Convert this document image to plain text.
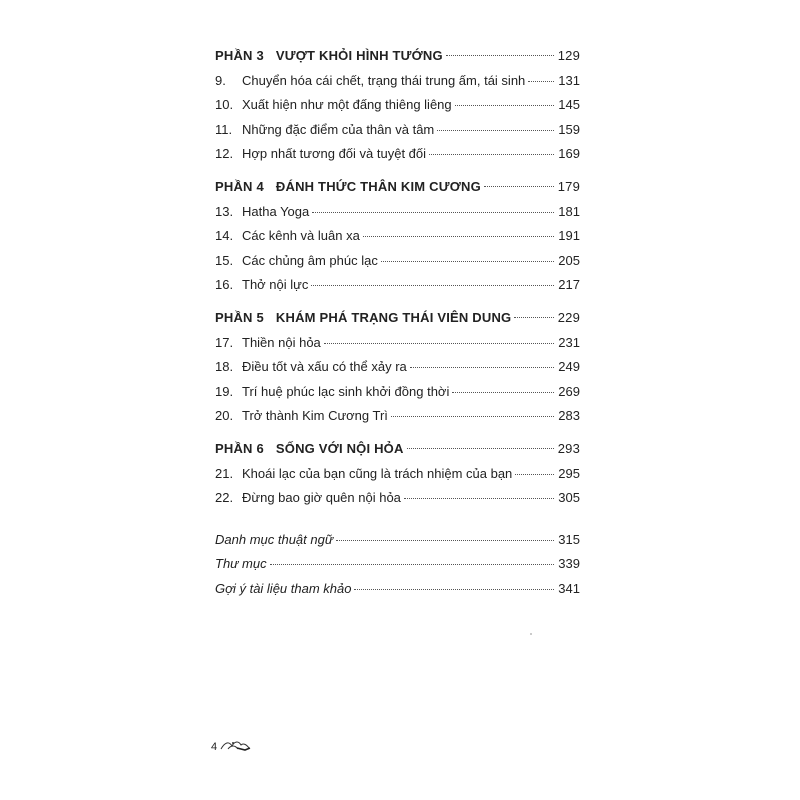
PHẦN 3 VƯỢT KHỎI HÌNH TƯỚNG	129
9.	Chuyển hóa cái chết, trạng thái trung ấm, tái sinh	131
10. Xuất hiện như một đấng thiêng liêng	145
11. Những đặc điểm của thân và tâm	159
12. Hợp nhất tương đối và tuyệt đối	169
PHẦN 4 ĐÁNH THỨC THÂN KIM CƯƠNG	179
13. Hatha Yoga	181
14. Các kênh và luân xa	191
15. Các chủng âm phúc lạc	205
16. Thở nội lực	217
PHẦN 5 KHÁM PHÁ TRẠNG THÁI VIÊN DUNG	229
17. Thiền nội hỏa	231
18. Điều tốt và xấu có thể xảy ra	249
19. Trí huệ phúc lạc sinh khởi đồng thời	269
20. Trở thành Kim Cương Trì	283
PHẦN 6 SỐNG VỚI NỘI HỎA	293
21. Khoái lạc của bạn cũng là trách nhiệm của bạn	295
22. Đừng bao giờ quên nội hỏa	305
Danh mục thuật ngữ	315
Thư mục	339
Gợi ý tài liệu tham khảo	341
4
